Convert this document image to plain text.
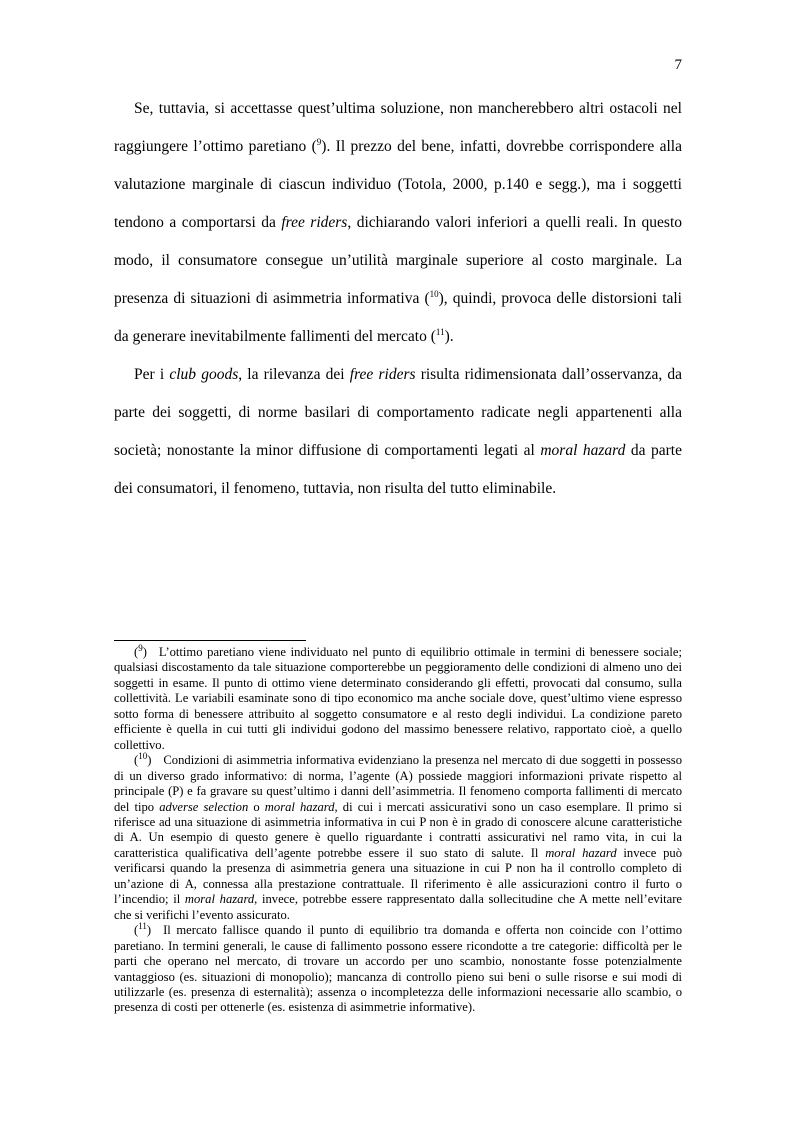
7

Se, tuttavia, si accettasse quest’ultima soluzione, non mancherebbero altri ostacoli nel raggiungere l’ottimo paretiano ($^9$). Il prezzo del bene, infatti, dovrebbe corrispondere alla valutazione marginale di ciascun individuo (Totola, 2000, p.140 e segg.), ma i soggetti tendono a comportarsi da free riders, dichiarando valori inferiori a quelli reali. In questo modo, il consumatore consegue un’utilità marginale superiore al costo marginale. La presenza di situazioni di asimmetria informativa ($^{10}$), quindi, provoca delle distorsioni tali da generare inevitabilmente fallimenti del mercato ($^{11}$).

Per i club goods, la rilevanza dei free riders risulta ridimensionata dall’osservanza, da parte dei soggetti, di norme basilari di comportamento radicate negli appartenenti alla società; nonostante la minor diffusione di comportamenti legati al moral hazard da parte dei consumatori, il fenomeno, tuttavia, non risulta del tutto eliminabile.

($^9$) L’ottimo paretiano viene individuato nel punto di equilibrio ottimale in termini di benessere sociale; qualsiasi discostamento da tale situazione comporterebbe un peggioramento delle condizioni di almeno uno dei soggetti in esame. Il punto di ottimo viene determinato considerando gli effetti, provocati dal consumo, sulla collettività. Le variabili esaminate sono di tipo economico ma anche sociale dove, quest’ultimo viene espresso sotto forma di benessere attribuito al soggetto consumatore e al resto degli individui. La condizione pareto efficiente è quella in cui tutti gli individui godono del massimo benessere relativo, rapportato cioè, a quello collettivo.

($^{10}$) Condizioni di asimmetria informativa evidenziano la presenza nel mercato di due soggetti in possesso di un diverso grado informativo: di norma, l’agente (A) possiede maggiori informazioni private rispetto al principale (P) e fa gravare su quest’ultimo i danni dell’asimmetria. Il fenomeno comporta fallimenti di mercato del tipo adverse selection o moral hazard, di cui i mercati assicurativi sono un caso esemplare. Il primo si riferisce ad una situazione di asimmetria informativa in cui P non è in grado di conoscere alcune caratteristiche di A. Un esempio di questo genere è quello riguardante i contratti assicurativi nel ramo vita, in cui la caratteristica qualificativa dell’agente potrebbe essere il suo stato di salute. Il moral hazard invece può verificarsi quando la presenza di asimmetria genera una situazione in cui P non ha il controllo completo di un’azione di A, connessa alla prestazione contrattuale. Il riferimento è alle assicurazioni contro il furto o l’incendio; il moral hazard, invece, potrebbe essere rappresentato dalla sollecitudine che A mette nell’evitare che si verifichi l’evento assicurato.

($^{11}$) Il mercato fallisce quando il punto di equilibrio tra domanda e offerta non coincide con l’ottimo paretiano. In termini generali, le cause di fallimento possono essere ricondotte a tre categorie: difficoltà per le parti che operano nel mercato, di trovare un accordo per uno scambio, nonostante fosse potenzialmente vantaggioso (es. situazioni di monopolio); mancanza di controllo pieno sui beni o sulle risorse e sui modi di utilizzarle (es. presenza di esternalità); assenza o incompletezza delle informazioni necessarie allo scambio, o presenza di costi per ottenerle (es. esistenza di asimmetrie informative).
